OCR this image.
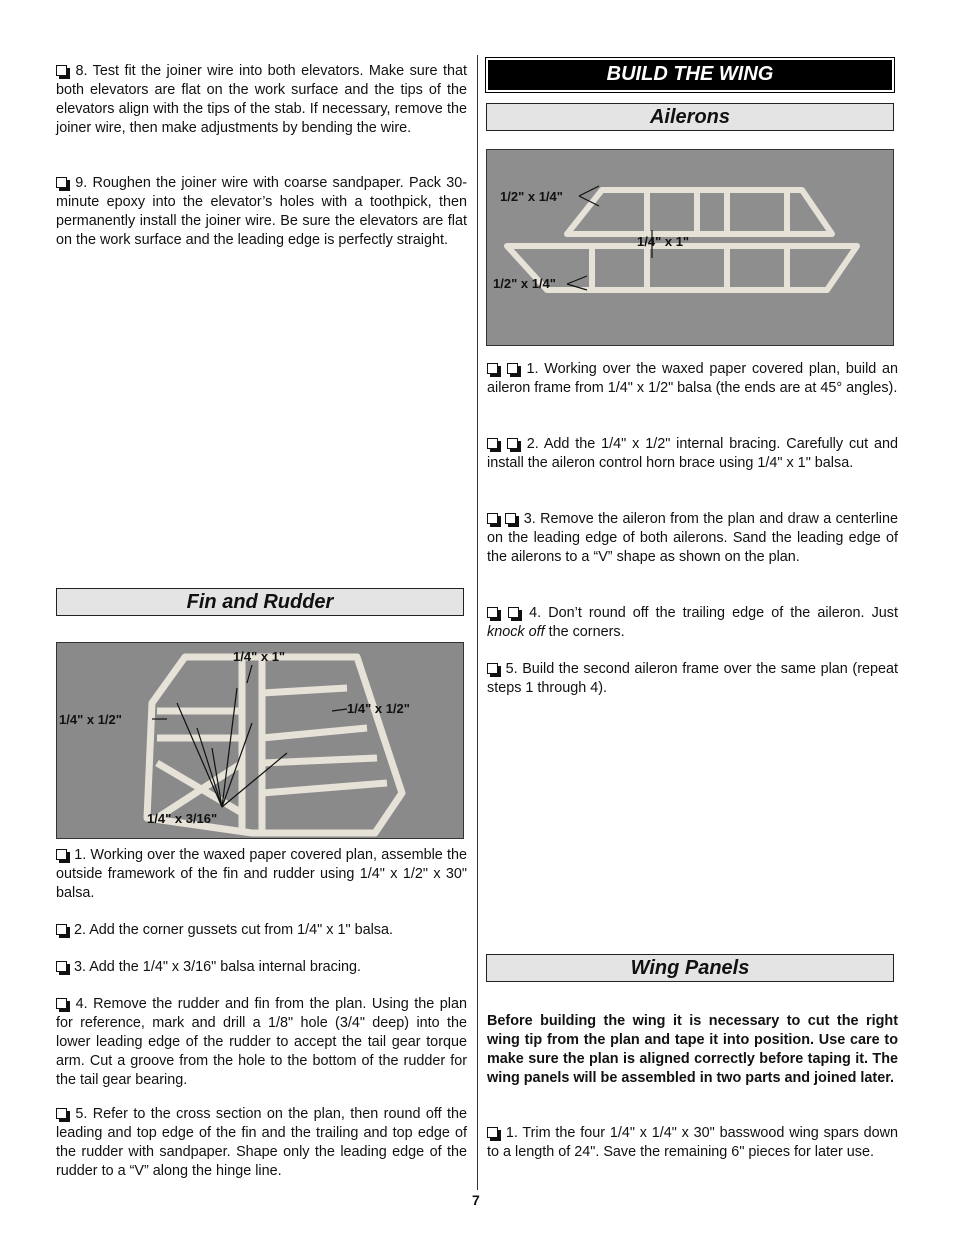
8. Test fit the joiner wire into both elevators. Make sure that both elevators are flat on the work surface and the tips of the elevators align with the tips of the stab. If necessary, remove the joiner wire, then make adjustments by bending the wire.

9. Roughen the joiner wire with coarse sandpaper. Pack 30-minute epoxy into the elevator’s holes with a toothpick, then permanently install the joiner wire. Be sure the elevators are flat on the work surface and the leading edge is perfectly straight.

Fin and Rudder
1/4" x 1"
1/4" x 1/2"
1/4" x 1/2"
1/4" x 3/16"

1. Working over the waxed paper covered plan, assemble the outside framework of the fin and rudder using 1/4" x 1/2" x 30" balsa.

2. Add the corner gussets cut from 1/4" x 1" balsa.

3. Add the 1/4" x 3/16" balsa internal bracing.

4. Remove the rudder and fin from the plan. Using the plan for reference, mark and drill a 1/8" hole (3/4" deep) into the lower leading edge of the rudder to accept the tail gear torque arm. Cut a groove from the hole to the bottom of the rudder for the tail gear bearing.

5. Refer to the cross section on the plan, then round off the leading and top edge of the fin and the trailing and top edge of the rudder with sandpaper. Shape only the leading edge of the rudder to a “V” along the hinge line.

BUILD THE WING
Ailerons
1/2" x 1/4"
1/4" x 1"
1/2" x 1/4"

1. Working over the waxed paper covered plan, build an aileron frame from 1/4" x 1/2" balsa (the ends are at 45° angles).

2. Add the 1/4" x 1/2" internal bracing. Carefully cut and install the aileron control horn brace using 1/4" x 1" balsa.

3. Remove the aileron from the plan and draw a centerline on the leading edge of both ailerons. Sand the leading edge of the ailerons to a “V” shape as shown on the plan.

4. Don’t round off the trailing edge of the aileron. Just knock off the corners.

5. Build the second aileron frame over the same plan (repeat steps 1 through 4).

Wing Panels

Before building the wing it is necessary to cut the right wing tip from the plan and tape it into position. Use care to make sure the plan is aligned correctly before taping it. The wing panels will be assembled in two parts and joined later.

1. Trim the four 1/4" x 1/4" x 30" basswood wing spars down to a length of 24". Save the remaining 6" pieces for later use.

7
